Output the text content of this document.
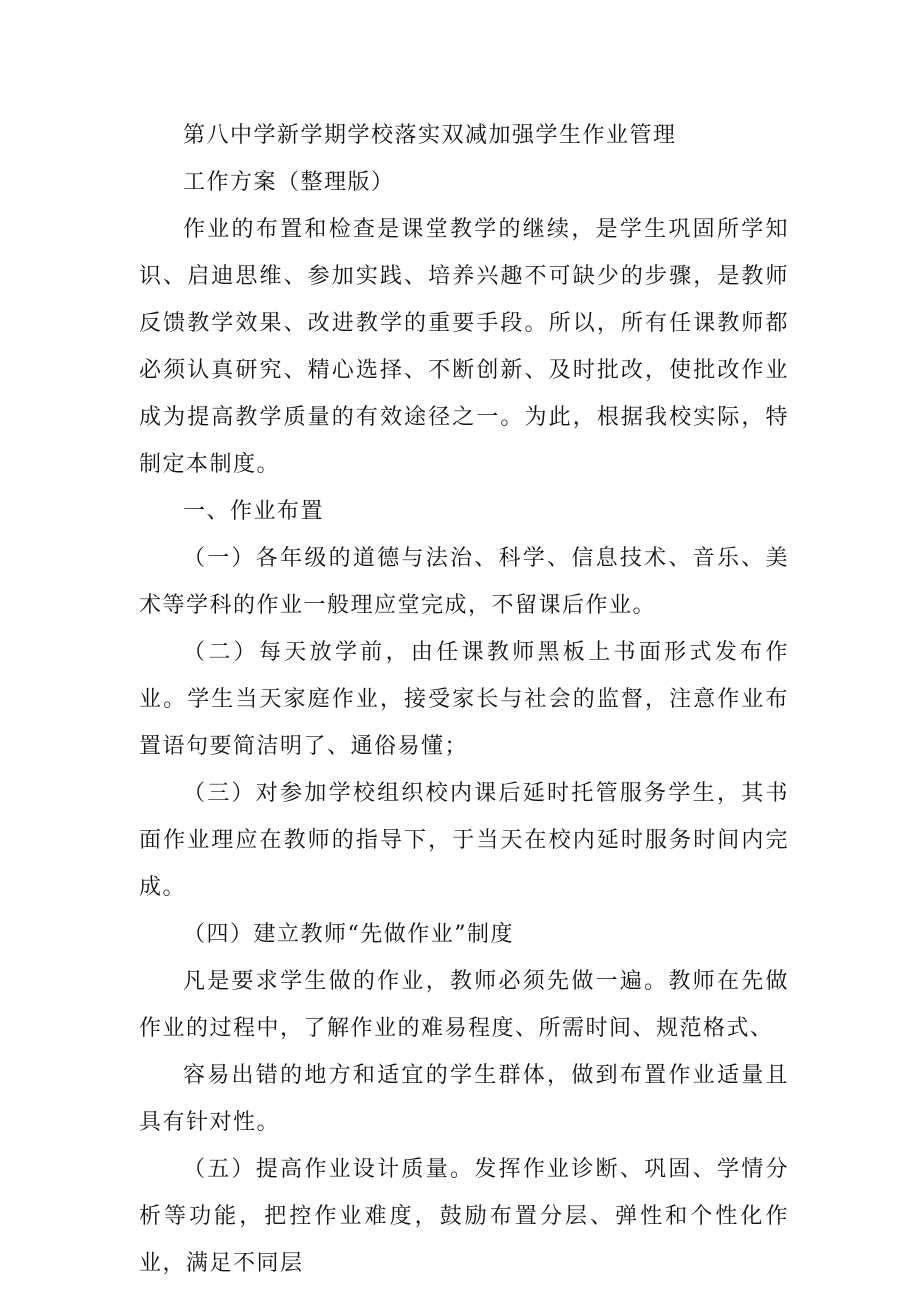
第八中学新学期学校落实双减加强学生作业管理

工作方案（整理版）

作业的布置和检查是课堂教学的继续，是学生巩固所学知识、启迪思维、参加实践、培养兴趣不可缺少的步骤，是教师反馈教学效果、改进教学的重要手段。所以，所有任课教师都必须认真研究、精心选择、不断创新、及时批改，使批改作业成为提高教学质量的有效途径之一。为此，根据我校实际，特制定本制度。

一、作业布置

（一）各年级的道德与法治、科学、信息技术、音乐、美术等学科的作业一般理应堂完成，不留课后作业。

（二）每天放学前，由任课教师黑板上书面形式发布作业。学生当天家庭作业，接受家长与社会的监督，注意作业布置语句要简洁明了、通俗易懂；

（三）对参加学校组织校内课后延时托管服务学生，其书面作业理应在教师的指导下，于当天在校内延时服务时间内完成。

（四）建立教师“先做作业”制度

凡是要求学生做的作业，教师必须先做一遍。教师在先做作业的过程中，了解作业的难易程度、所需时间、规范格式、

容易出错的地方和适宜的学生群体，做到布置作业适量且具有针对性。

（五）提高作业设计质量。发挥作业诊断、巩固、学情分析等功能，把控作业难度，鼓励布置分层、弹性和个性化作业，满足不同层
